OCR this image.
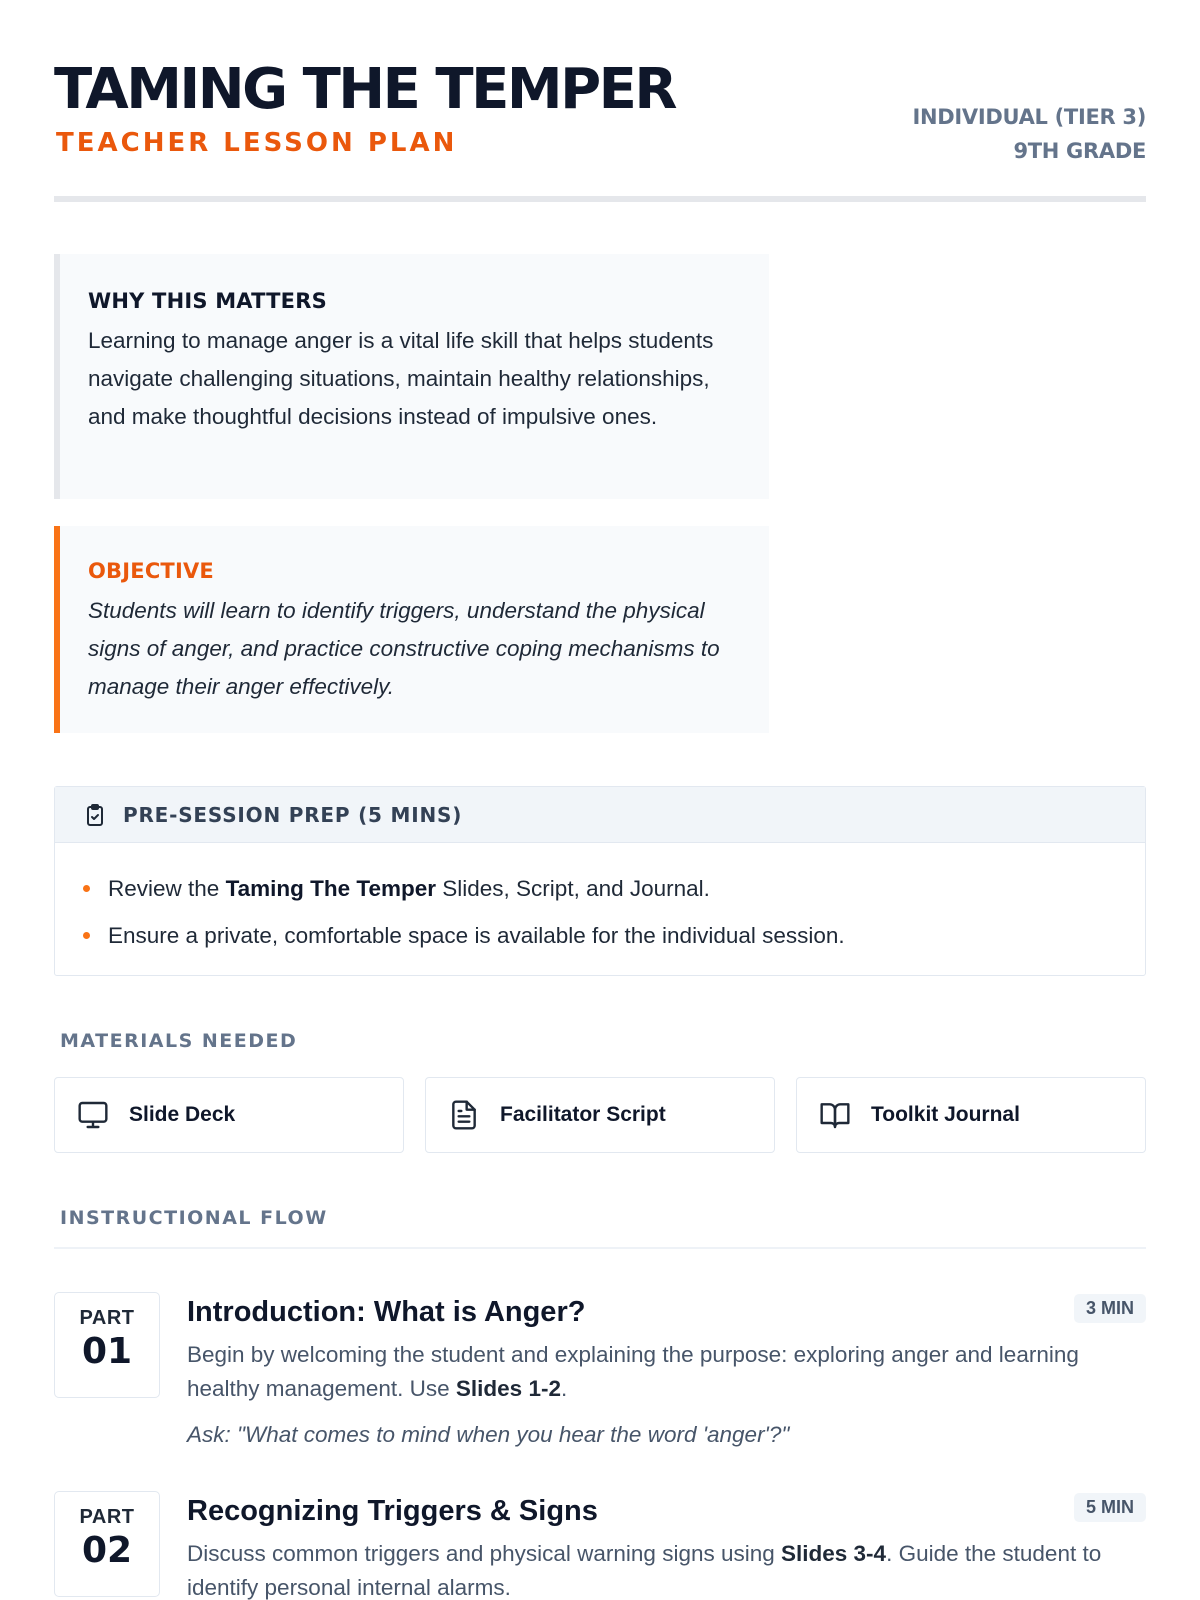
TAMING THE TEMPER
TEACHER LESSON PLAN
INDIVIDUAL (TIER 3)
9TH GRADE
WHY THIS MATTERS

Learning to manage anger is a vital life skill that helps students navigate challenging situations, maintain healthy relationships, and make thoughtful decisions instead of impulsive ones.

OBJECTIVE

Students will learn to identify triggers, understand the physical signs of anger, and practice constructive coping mechanisms to manage their anger effectively.

PRE-SESSION PREP (5 MINS)
Review the Taming The Temper Slides, Script, and Journal.
Ensure a private, comfortable space is available for the individual session.
MATERIALS NEEDED
Slide Deck	Facilitator Script	Toolkit Journal
INSTRUCTIONAL FLOW
PART
01
Introduction: What is Anger?	3 MIN
Begin by welcoming the student and explaining the purpose: exploring anger and learning healthy management. Use Slides 1-2.
Ask: "What comes to mind when you hear the word 'anger'?"
PART
02
Recognizing Triggers & Signs	5 MIN
Discuss common triggers and physical warning signs using Slides 3-4. Guide the student to identify personal internal alarms.
